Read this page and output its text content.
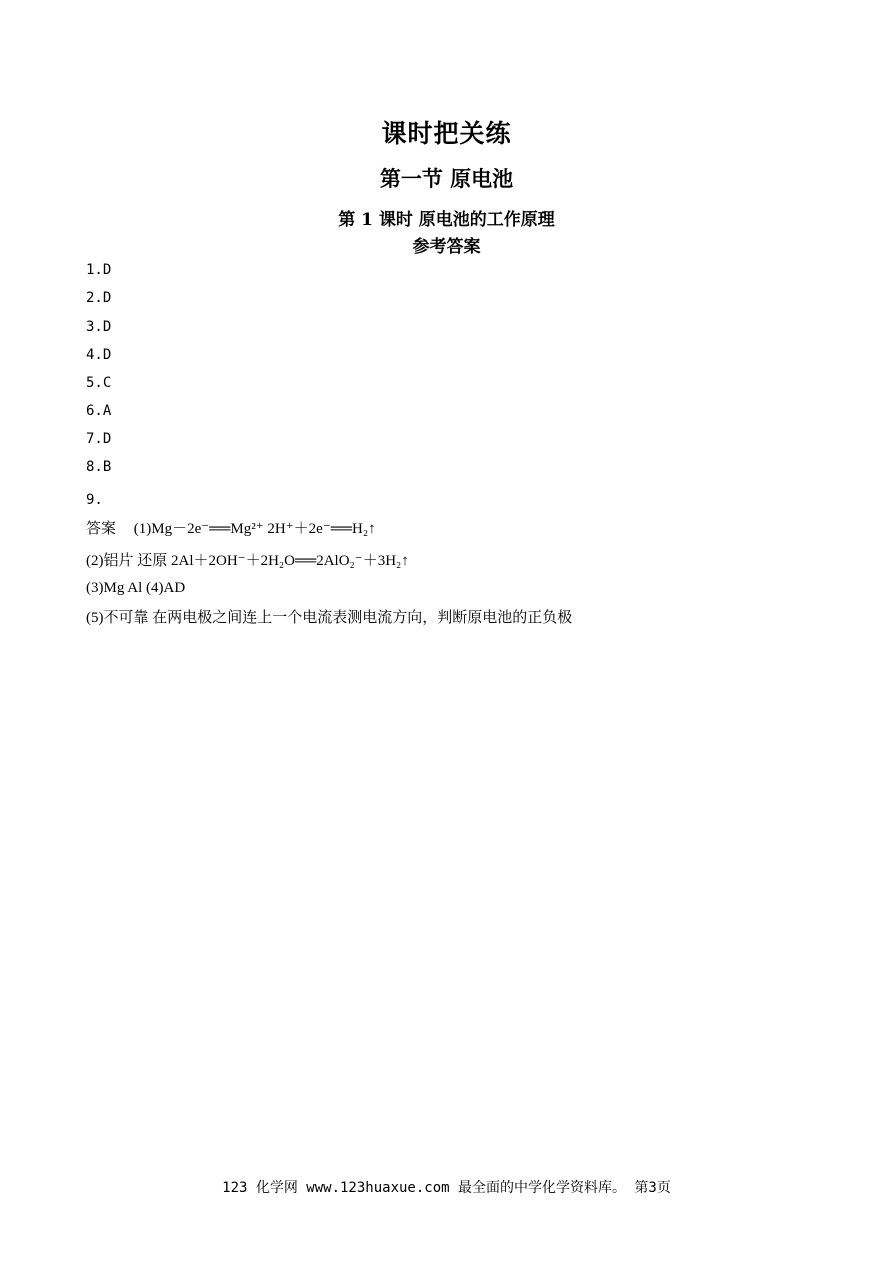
课时把关练
第一节 原电池
第 1 课时 原电池的工作原理
参考答案
1.D
2.D
3.D
4.D
5.C
6.A
7.D
8.B
9.
答案 (1)Mg－2e⁻══Mg²⁺ 2H⁺＋2e⁻══H₂↑
(2)铝片 还原 2Al＋2OH⁻＋2H₂O══2AlO₂⁻＋3H₂↑
(3)Mg Al (4)AD
(5)不可靠 在两电极之间连上一个电流表测电流方向，判断原电池的正负极
123 化学网 www.123huaxue.com 最全面的中学化学资料库。 第3页
